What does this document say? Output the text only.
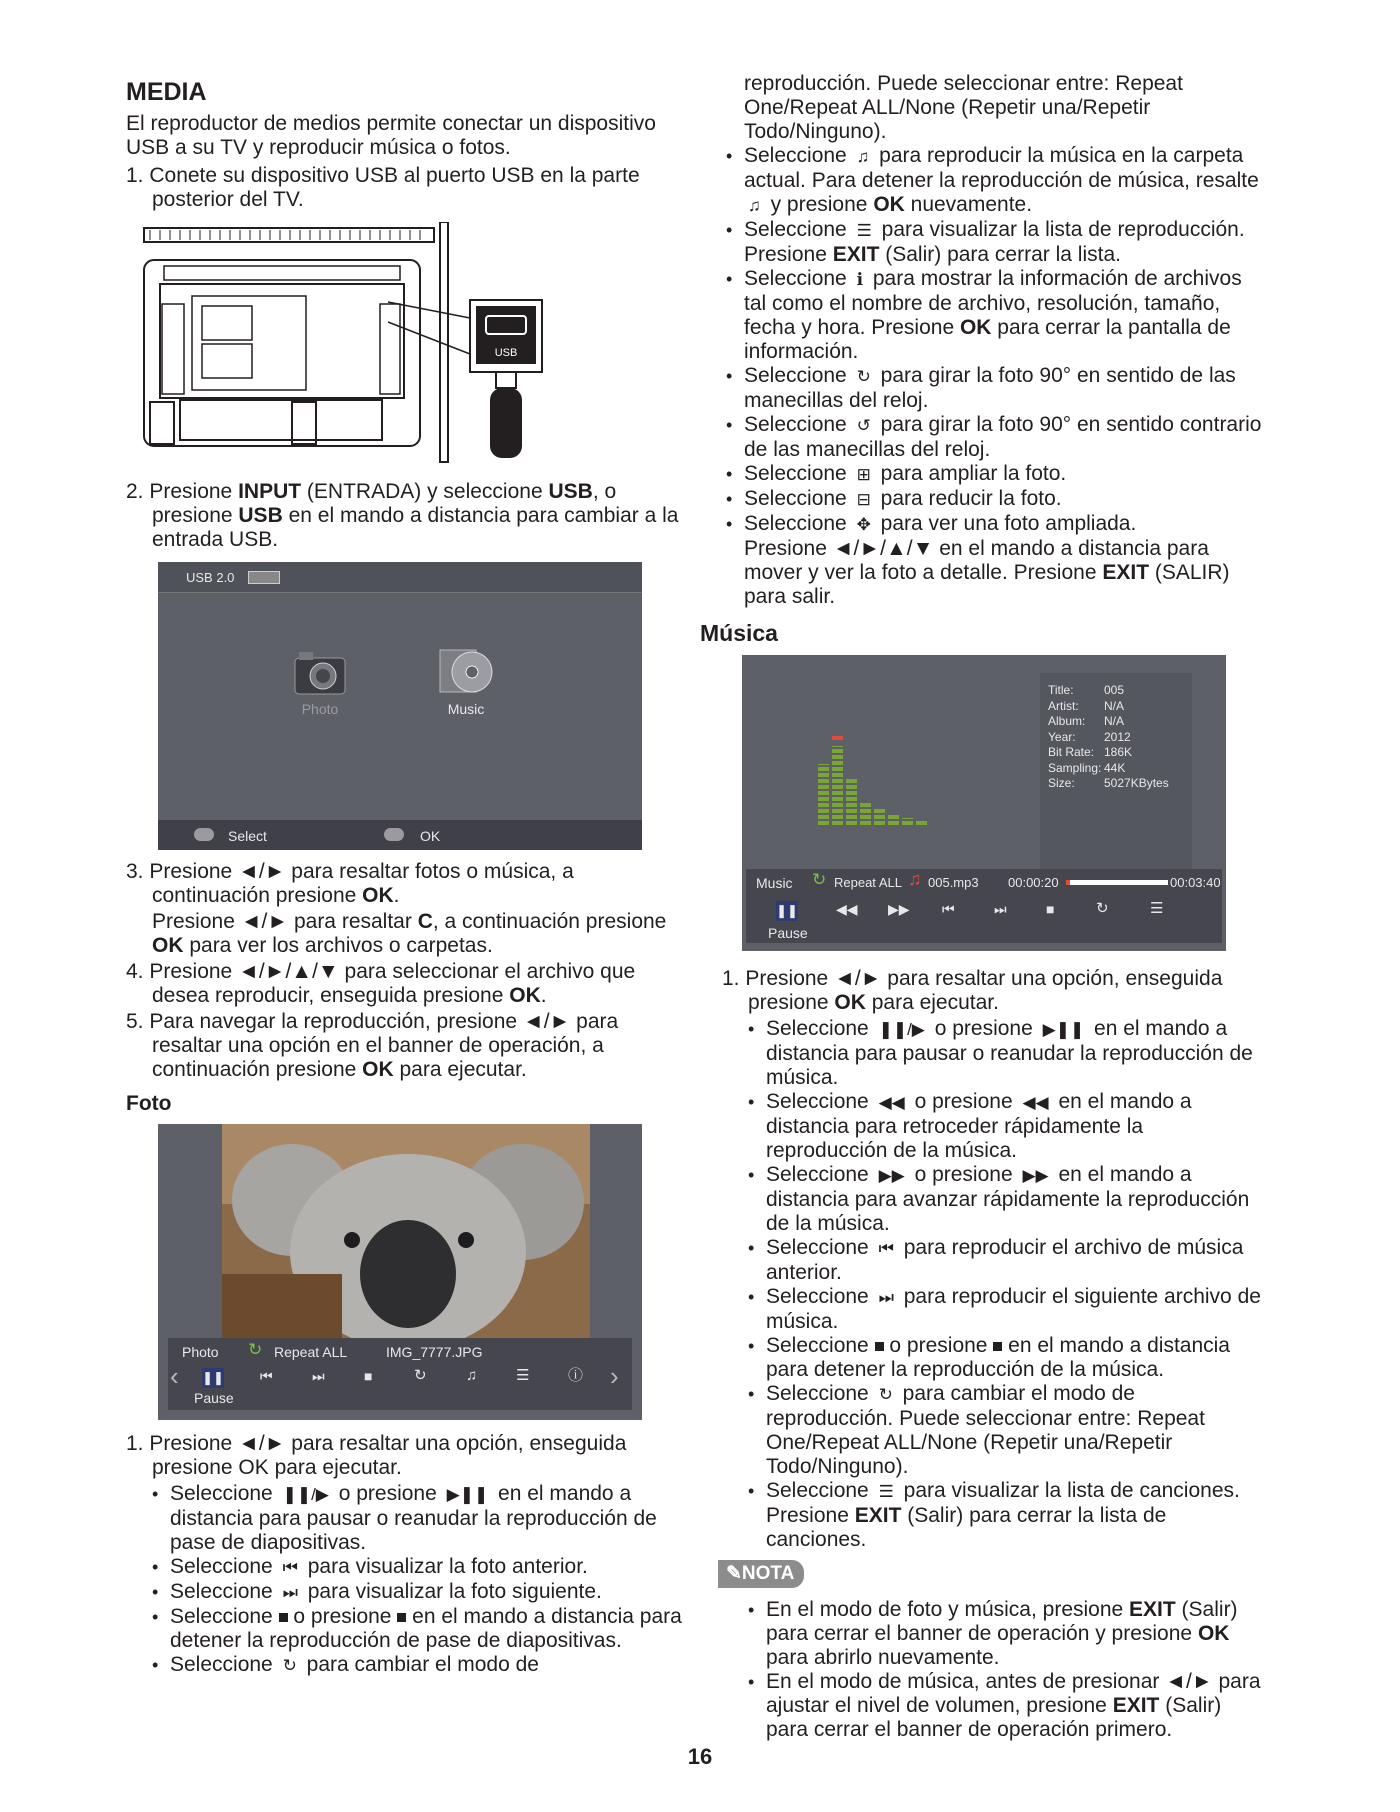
MEDIA

El reproductor de medios permite conectar un dispositivo USB a su TV y reproducir música o fotos.

1. Conete su dispositivo USB al puerto USB en la parte posterior del TV.

USB

2. Presione INPUT (ENTRADA) y seleccione USB, o presione USB en el mando a distancia para cambiar a la entrada USB.

USB 2.0
Photo	Music
Select	OK

3. Presione ◄/► para resaltar fotos o música, a continuación presione OK.

Presione ◄/► para resaltar C, a continuación presione OK para ver los archivos o carpetas.

4. Presione ◄/►/▲/▼ para seleccionar el archivo que desea reproducir, enseguida presione OK.

5. Para navegar la reproducción, presione ◄/► para resaltar una opción en el banner de operación, a continuación presione OK para ejecutar.

Foto
Photo ↻ Repeat ALL	IMG_7777.JPG
‹ ❚❚	⏮	⏭	■	↻	♫	☰	ⓘ ›
Pause

1. Presione ◄/► para resaltar una opción, enseguida presione OK para ejecutar.

• Seleccione ❚❚/▶ o presione ▶❚❚ en el mando a distancia para pausar o reanudar la reproducción de pase de diapositivas.
• Seleccione ⏮ para visualizar la foto anterior.
• Seleccione ⏭ para visualizar la foto siguiente.
• Seleccione  o presione  en el mando a distancia para detener la reproducción de pase de diapositivas.
• Seleccione ↻ para cambiar el modo de

reproducción. Puede seleccionar entre: Repeat One/Repeat ALL/None (Repetir una/Repetir Todo/Ninguno).

• Seleccione ♫ para reproducir la música en la carpeta actual. Para detener la reproducción de música, resalte ♫ y presione OK nuevamente.
• Seleccione ☰ para visualizar la lista de reproducción. Presione EXIT (Salir) para cerrar la lista.
• Seleccione ℹ para mostrar la información de archivos tal como el nombre de archivo, resolución, tamaño, fecha y hora. Presione OK para cerrar la pantalla de información.
• Seleccione ↻ para girar la foto 90° en sentido de las manecillas del reloj.
• Seleccione ↺ para girar la foto 90° en sentido contrario de las manecillas del reloj.
• Seleccione ⊞ para ampliar la foto.
• Seleccione ⊟ para reducir la foto.
• Seleccione ✥ para ver una foto ampliada.

Presione ◄/►/▲/▼ en el mando a distancia para mover y ver la foto a detalle. Presione EXIT (SALIR) para salir.

Música
Title:	005
Artist: N/A
Album: N/A
Year: 2012
Bit Rate: 186K
Sampling: 44K
Size: 5027KBytes
Music ↻ Repeat ALL ♫ 005.mp3 00:00:20	00:03:40
❚❚	◀◀ ▶▶ ⏮	⏭	■	↻	☰
Pause

1. Presione ◄/► para resaltar una opción, enseguida presione OK para ejecutar.

• Seleccione ❚❚/▶ o presione ▶❚❚ en el mando a distancia para pausar o reanudar la reproducción de música.
• Seleccione ◀◀ o presione ◀◀ en el mando a distancia para retroceder rápidamente la reproducción de la música.
• Seleccione ▶▶ o presione ▶▶ en el mando a distancia para avanzar rápidamente la reproducción de la música.
• Seleccione ⏮ para reproducir el archivo de música anterior.
• Seleccione ⏭ para reproducir el siguiente archivo de música.
• Seleccione  o presione  en el mando a distancia para detener la reproducción de la música.
• Seleccione ↻ para cambiar el modo de reproducción. Puede seleccionar entre: Repeat One/Repeat ALL/None (Repetir una/Repetir Todo/Ninguno).
• Seleccione ☰ para visualizar la lista de canciones. Presione EXIT (Salir) para cerrar la lista de canciones.
✎NOTA
• En el modo de foto y música, presione EXIT (Salir) para cerrar el banner de operación y presione OK para abrirlo nuevamente.
• En el modo de música, antes de presionar ◄/► para ajustar el nivel de volumen, presione EXIT (Salir) para cerrar el banner de operación primero.
16
